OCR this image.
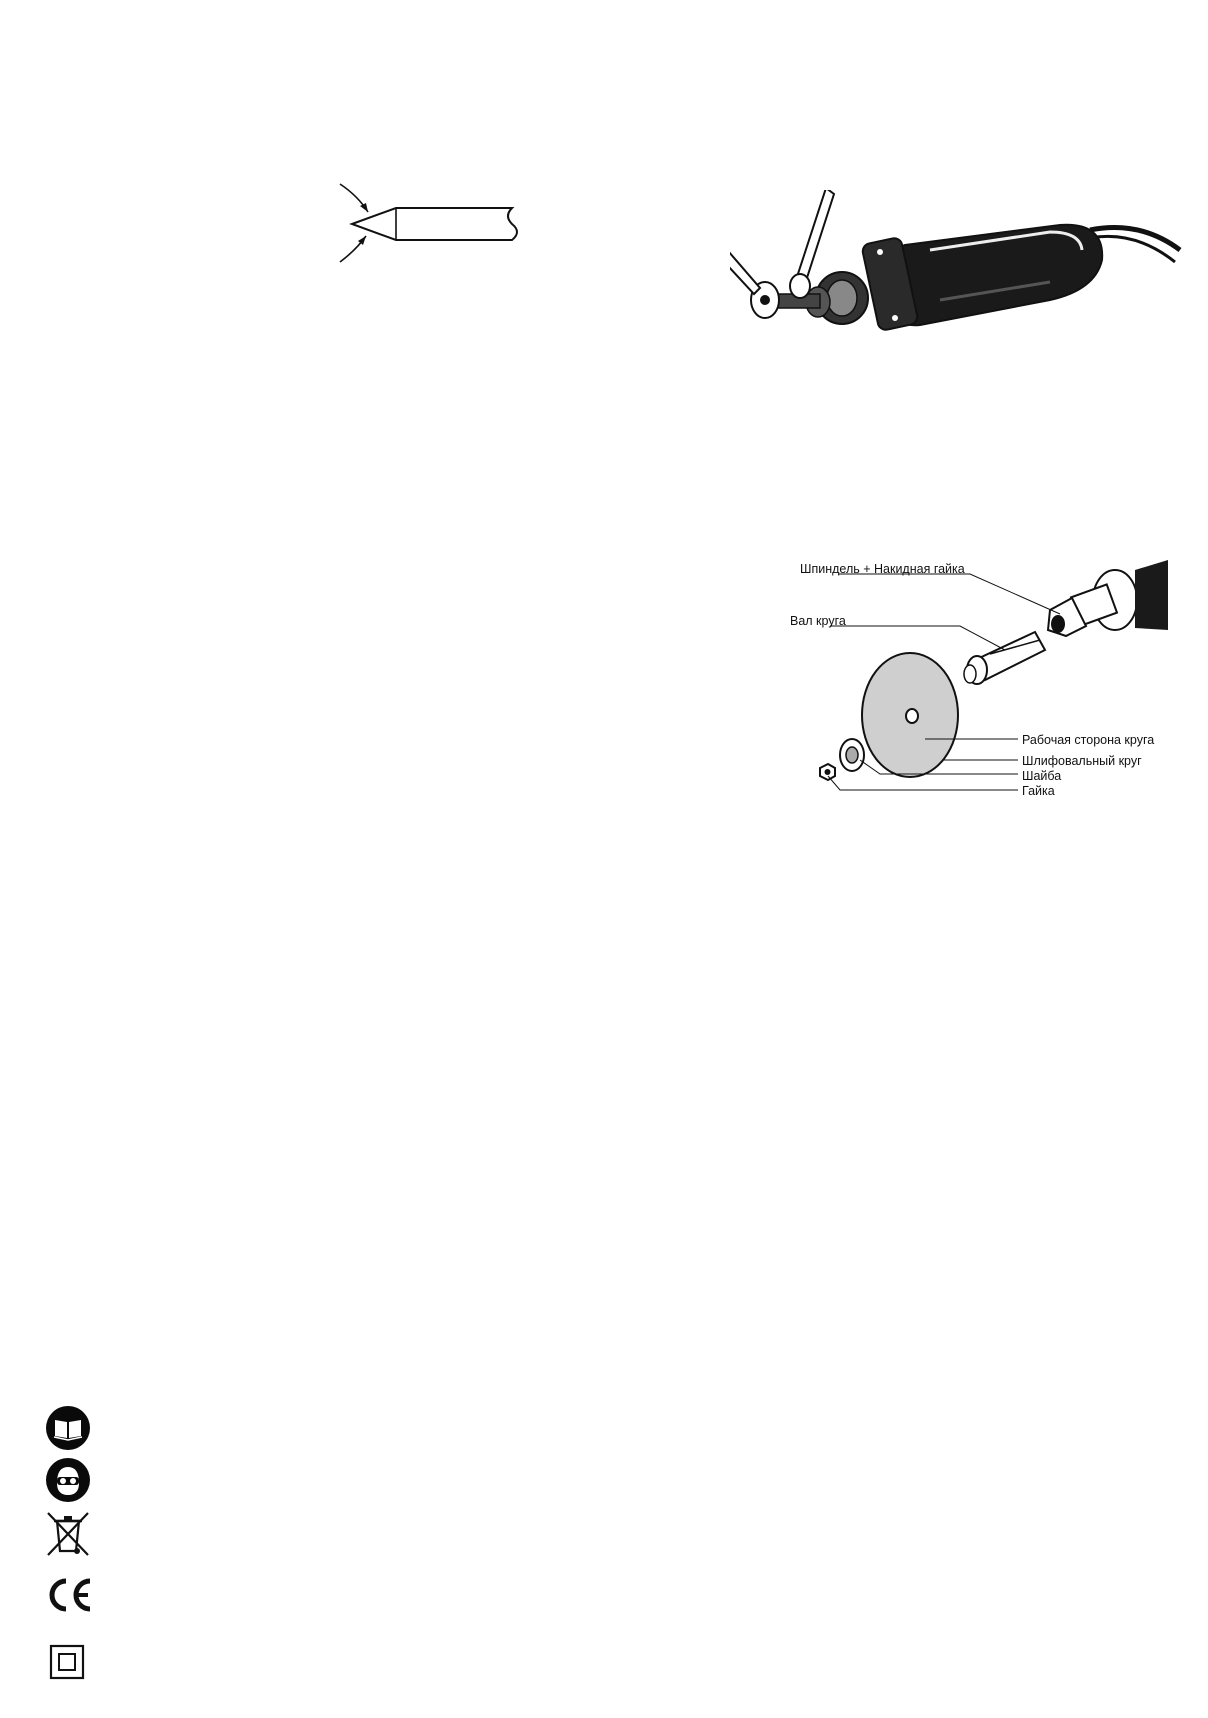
Шпиндель + Накидная гайка
Вал круга
Рабочая сторона круга
Шлифовальный круг
Шайба
Гайка
